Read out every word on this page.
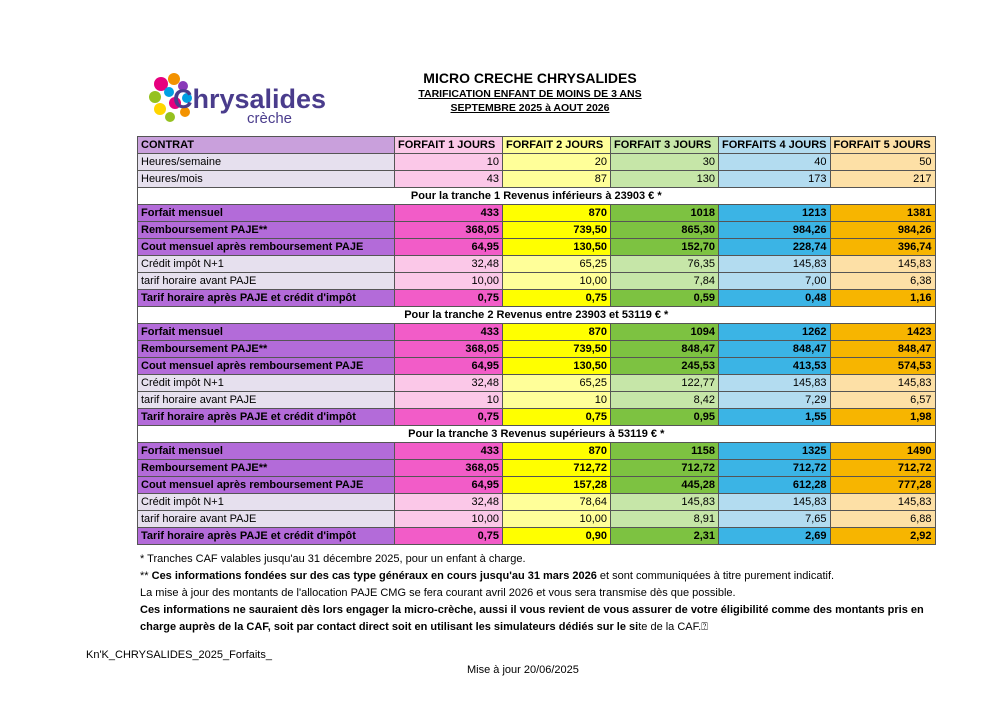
Chrysalides
crèche
MICRO CRECHE CHRYSALIDES
TARIFICATION ENFANT DE MOINS DE 3 ANS
SEPTEMBRE 2025 à AOUT 2026
CONTRAT	FORFAIT 1 JOURS	FORFAIT 2 JOURS	FORFAIT 3 JOURS	FORFAITS 4 JOURS	FORFAIT 5 JOURS
Heures/semaine	10	20	30	40	50
Heures/mois	43	87	130	173	217
Pour la tranche 1 Revenus inférieurs à 23903 € *					
Forfait mensuel	433	870	1018	1213	1381
Remboursement PAJE**	368,05	739,50	865,30	984,26	984,26
Cout mensuel après remboursement PAJE	64,95	130,50	152,70	228,74	396,74
Crédit impôt N+1	32,48	65,25	76,35	145,83	145,83
tarif horaire avant PAJE	10,00	10,00	7,84	7,00	6,38
Tarif horaire après PAJE et crédit d'impôt	0,75	0,75	0,59	0,48	1,16
Pour la tranche 2 Revenus entre 23903 et 53119 € *					
Forfait mensuel	433	870	1094	1262	1423
Remboursement PAJE**	368,05	739,50	848,47	848,47	848,47
Cout mensuel après remboursement PAJE	64,95	130,50	245,53	413,53	574,53
Crédit impôt N+1	32,48	65,25	122,77	145,83	145,83
tarif horaire avant PAJE	10	10	8,42	7,29	6,57
Tarif horaire après PAJE et crédit d'impôt	0,75	0,75	0,95	1,55	1,98
Pour la tranche 3 Revenus supérieurs à 53119 € *					
Forfait mensuel	433	870	1158	1325	1490
Remboursement PAJE**	368,05	712,72	712,72	712,72	712,72
Cout mensuel après remboursement PAJE	64,95	157,28	445,28	612,28	777,28
Crédit impôt N+1	32,48	78,64	145,83	145,83	145,83
tarif horaire avant PAJE	10,00	10,00	8,91	7,65	6,88
Tarif horaire après PAJE et crédit d'impôt	0,75	0,90	2,31	2,69	2,92

* Tranches CAF valables jusqu'au 31 décembre 2025, pour un enfant à charge.

** Ces informations fondées sur des cas type généraux en cours jusqu'au 31 mars 2026 et sont communiquées à titre purement indicatif.

La mise à jour des montants de l'allocation PAJE CMG se fera courant avril 2026 et vous sera transmise dès que possible.

Ces informations ne sauraient dès lors engager la micro-crèche, aussi il vous revient de vous assurer de votre éligibilité comme des montants pris en charge auprès de la CAF, soit par contact direct soit en utilisant les simulateurs dédiés sur le site de la CAF.⍰

Kn'K_CHRYSALIDES_2025_Forfaits_
Mise à jour 20/06/2025
